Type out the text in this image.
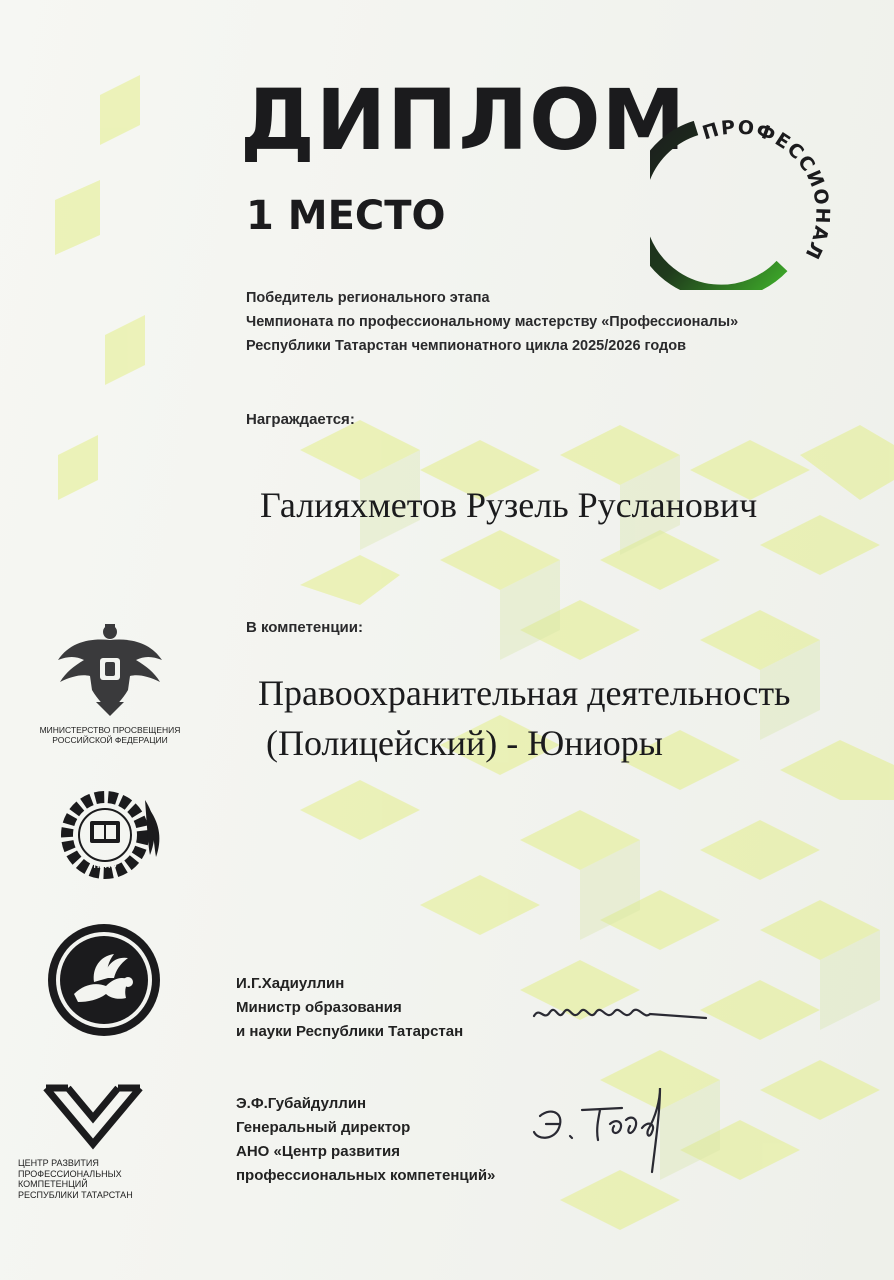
ДИПЛОМ
1 МЕСТО
ПРОФЕССИОНАЛ
Победитель регионального этапа
Чемпионата по профессиональному мастерству «Профессионалы»
Республики Татарстан чемпионатного цикла 2025/2026 годов
Награждается:
Галияхметов Рузель Русланович
В компетенции:
Правоохранительная деятельность
(Полицейский) - Юниоры
МИНИСТЕРСТВО ПРОСВЕЩЕНИЯ
РОССИЙСКОЙ ФЕДЕРАЦИИ
НРПО
ЦЕНТР РАЗВИТИЯ
ПРОФЕССИОНАЛЬНЫХ
КОМПЕТЕНЦИЙ
РЕСПУБЛИКИ ТАТАРСТАН
И.Г.Хадиуллин
Министр образования
и науки Республики Татарстан
Э.Ф.Губайдуллин
Генеральный директор
АНО «Центр развития
профессиональных компетенций»
